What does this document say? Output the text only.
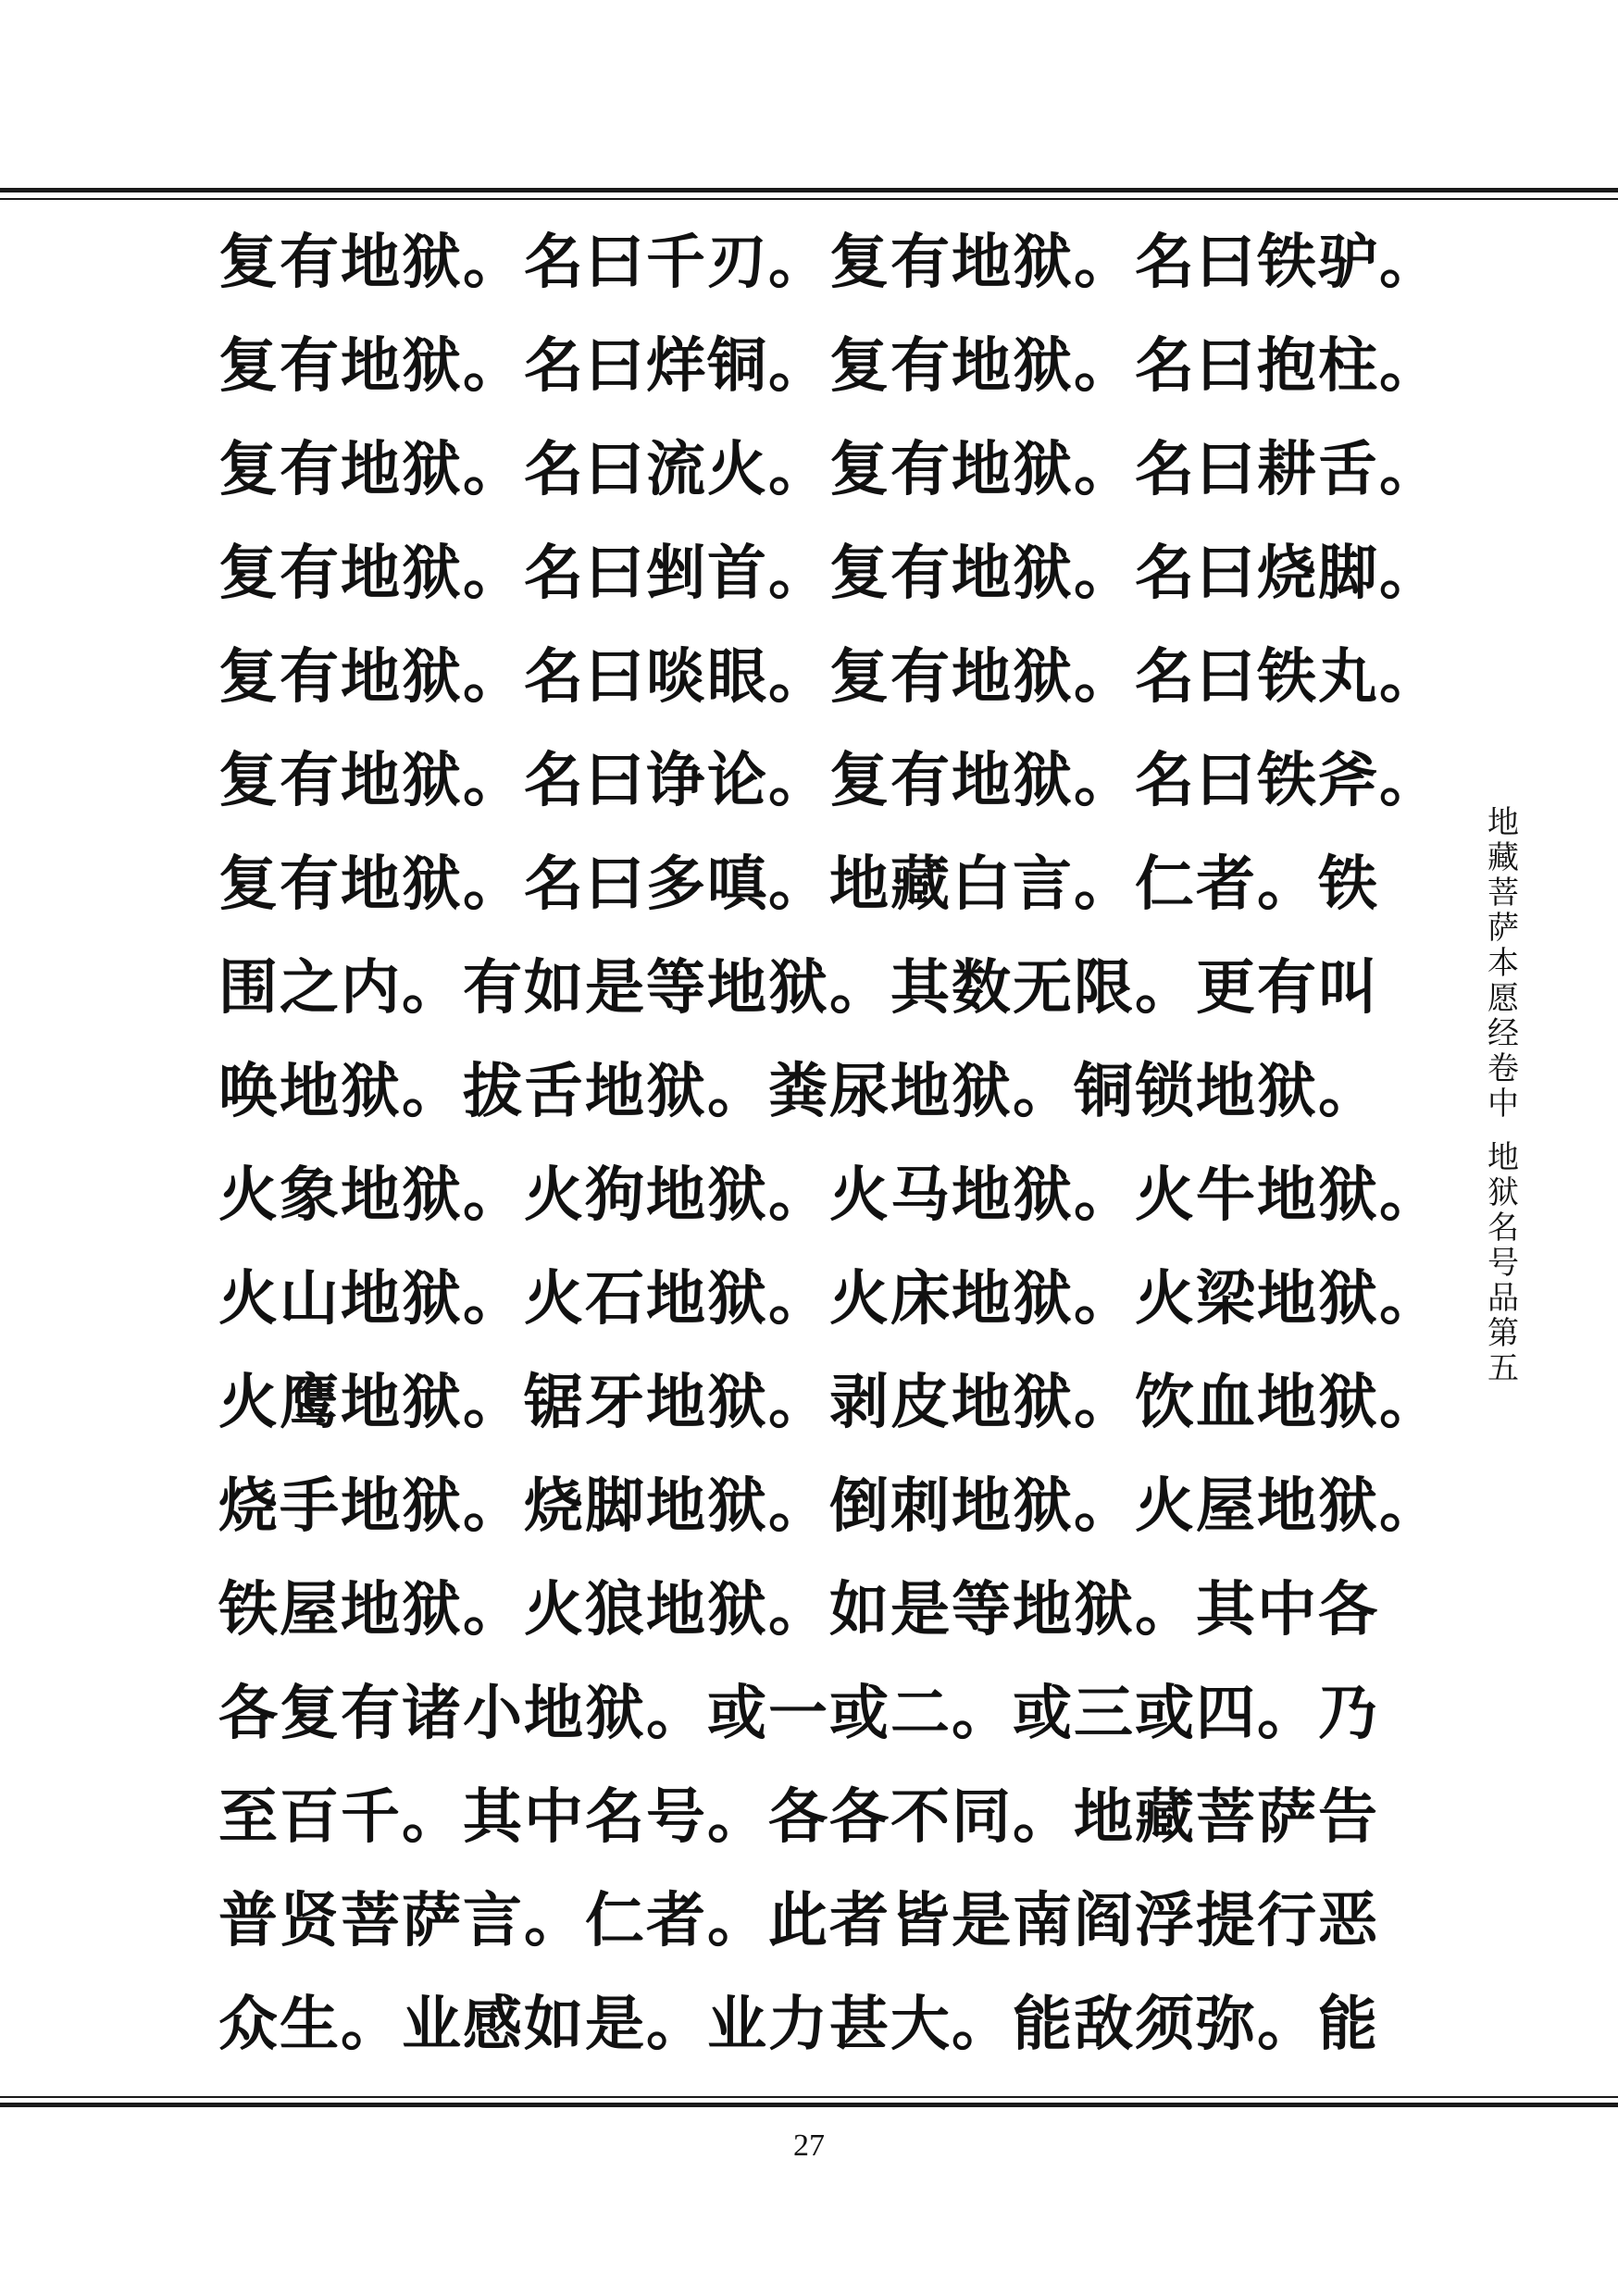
复有地狱。名曰千刃。复有地狱。名曰铁驴。
复有地狱。名曰烊铜。复有地狱。名曰抱柱。
复有地狱。名曰流火。复有地狱。名曰耕舌。
复有地狱。名曰剉首。复有地狱。名曰烧脚。
复有地狱。名曰啖眼。复有地狱。名曰铁丸。
复有地狱。名曰诤论。复有地狱。名曰铁斧。
复有地狱。名曰多嗔。地藏白言。仁者。铁
围之内。有如是等地狱。其数无限。更有叫
唤地狱。拔舌地狱。粪尿地狱。铜锁地狱。
火象地狱。火狗地狱。火马地狱。火牛地狱。
火山地狱。火石地狱。火床地狱。火梁地狱。
火鹰地狱。锯牙地狱。剥皮地狱。饮血地狱。
烧手地狱。烧脚地狱。倒刺地狱。火屋地狱。
铁屋地狱。火狼地狱。如是等地狱。其中各
各复有诸小地狱。或一或二。或三或四。乃
至百千。其中名号。各各不同。地藏菩萨告
普贤菩萨言。仁者。此者皆是南阎浮提行恶
众生。业感如是。业力甚大。能敌须弥。能
地藏菩萨本愿经卷中
地狱名号品第五
27
